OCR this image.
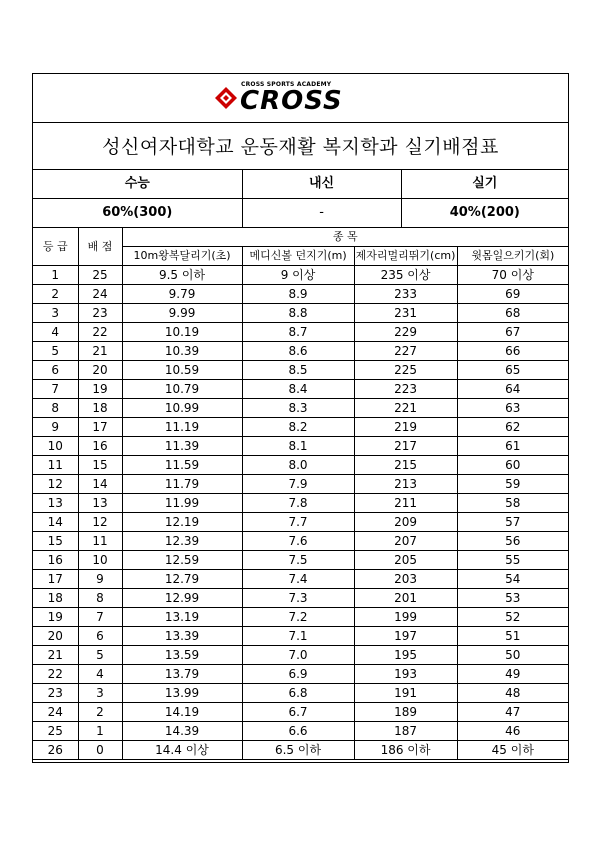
CROSS SPORTS ACADEMY
CROSS
성신여자대학교 운동재활 복지학과 실기배점표
수능			내신		실기	
60%(300)			-		40%(200)	
등 급	배 점	종 목				
		10m왕복달리기(초)	메디신볼 던지기(m)	제자리멀리뛰기(cm)		윗몸일으키기(회)
1	25	9.5 이하	9 이상	235 이상		70 이상
2	24	9.79	8.9	233		69
3	23	9.99	8.8	231		68
4	22	10.19	8.7	229		67
5	21	10.39	8.6	227		66
6	20	10.59	8.5	225		65
7	19	10.79	8.4	223		64
8	18	10.99	8.3	221		63
9	17	11.19	8.2	219		62
10	16	11.39	8.1	217		61
11	15	11.59	8.0	215		60
12	14	11.79	7.9	213		59
13	13	11.99	7.8	211		58
14	12	12.19	7.7	209		57
15	11	12.39	7.6	207		56
16	10	12.59	7.5	205		55
17	9	12.79	7.4	203		54
18	8	12.99	7.3	201		53
19	7	13.19	7.2	199		52
20	6	13.39	7.1	197		51
21	5	13.59	7.0	195		50
22	4	13.79	6.9	193		49
23	3	13.99	6.8	191		48
24	2	14.19	6.7	189		47
25	1	14.39	6.6	187		46
26	0	14.4 이상	6.5 이하	186 이하		45 이하
